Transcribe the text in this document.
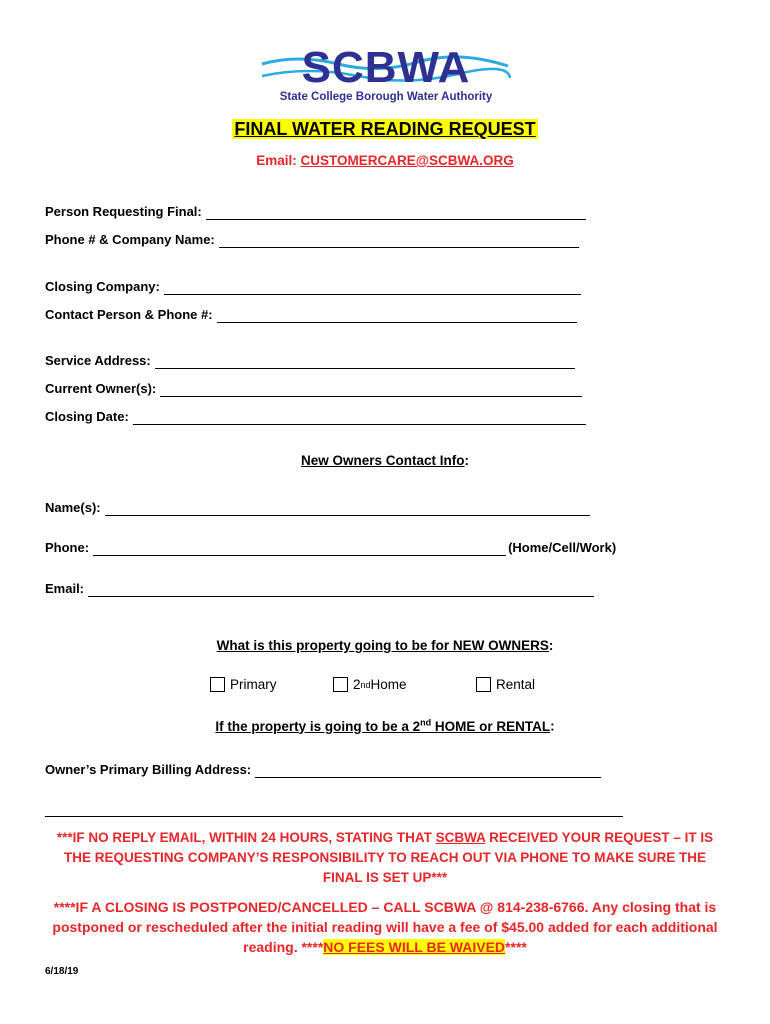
SCBWA
State College Borough Water Authority
FINAL WATER READING REQUEST
Email: CUSTOMERCARE@SCBWA.ORG
Person Requesting Final:
Phone # & Company Name:
Closing Company:
Contact Person & Phone #:
Service Address:
Current Owner(s):
Closing Date:
New Owners Contact Info:
Name(s):
Phone:	(Home/Cell/Work)
Email:
What is this property going to be for NEW OWNERS:
Primary	2 nd Home	Rental
If the property is going to be a 2nd HOME or RENTAL:
Owner’s Primary Billing Address:
***IF NO REPLY EMAIL, WITHIN 24 HOURS, STATING THAT SCBWA RECEIVED YOUR REQUEST – IT IS THE REQUESTING COMPANY’S RESPONSIBILITY TO REACH OUT VIA PHONE TO MAKE SURE THE FINAL IS SET UP***
****IF A CLOSING IS POSTPONED/CANCELLED – CALL SCBWA @ 814-238-6766. Any closing that is postponed or rescheduled after the initial reading will have a fee of $45.00 added for each additional reading. ****NO FEES WILL BE WAIVED****
6/18/19
